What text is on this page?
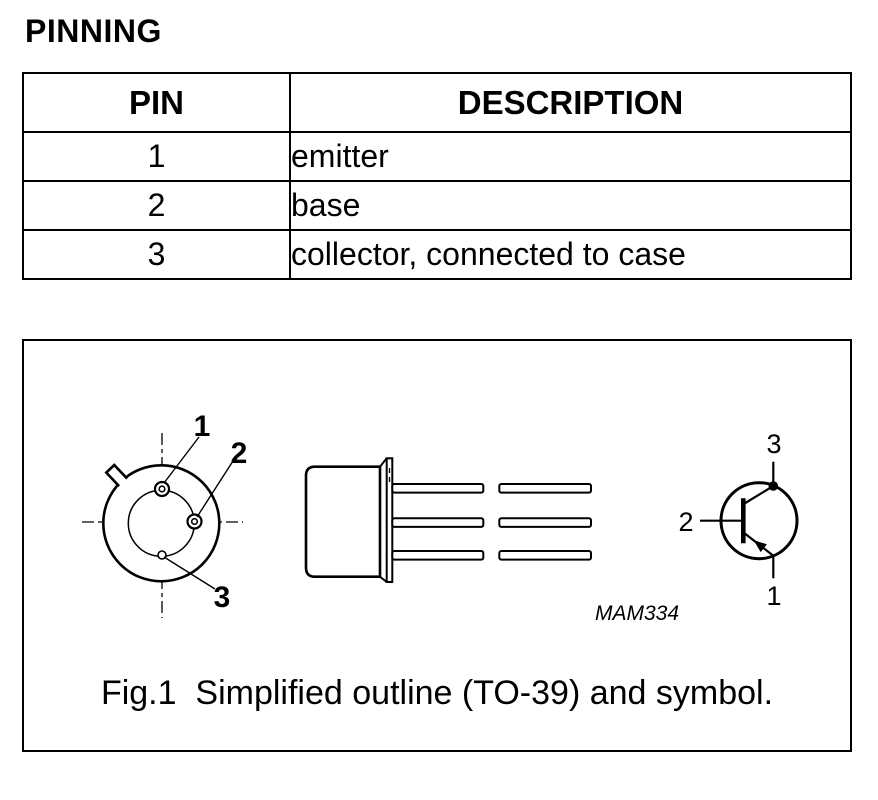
PINNING
PIN	DESCRIPTION
1	emitter
2	base
3	collector, connected to case
1
2
3	MAM334
3
2
1
Fig.1  Simplified outline (TO-39) and symbol.
